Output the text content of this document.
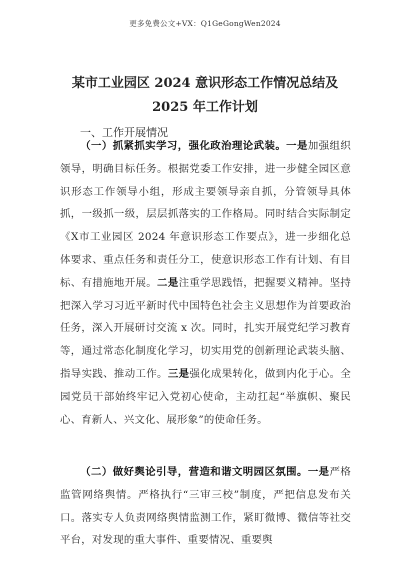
更多免费公文+VX：Q1GeGongWen2024
某市工业园区 2024 意识形态工作情况总结及 2025 年工作计划
一、工作开展情况
（一）抓紧抓实学习，强化政治理论武装。一是加强组织领导，明确目标任务。根据党委工作安排，进一步健全园区意识形态工作领导小组，形成主要领导亲自抓，分管领导具体抓，一级抓一级，层层抓落实的工作格局。同时结合实际制定《X市工业园区 2024 年意识形态工作要点》，进一步细化总体要求、重点任务和责任分工，使意识形态工作有计划、有目标、有措施地开展。二是注重学思践悟，把握要义精神。坚持把深入学习习近平新时代中国特色社会主义思想作为首要政治任务，深入开展研讨交流 x 次。同时，扎实开展党纪学习教育等，通过常态化制度化学习，切实用党的创新理论武装头脑、指导实践、推动工作。三是强化成果转化，做到内化于心。全园党员干部始终牢记入党初心使命，主动扛起“举旗帜、聚民心、育新人、兴文化、展形象”的使命任务。
（二）做好舆论引导，营造和谐文明园区氛围。一是严格监管网络舆情。严格执行“三审三校”制度，严把信息发布关口。落实专人负责网络舆情监测工作，紧盯微博、微信等社交平台，对发现的重大事件、重要情况、重要舆
